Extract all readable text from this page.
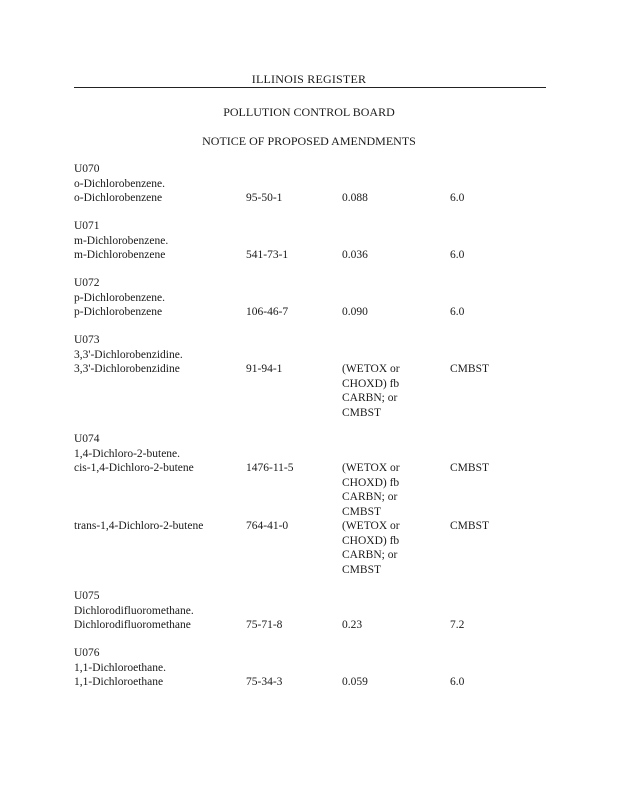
ILLINOIS REGISTER
POLLUTION CONTROL BOARD
NOTICE OF PROPOSED AMENDMENTS
U070
o-Dichlorobenzene.
o-Dichlorobenzene	95-50-1	0.088	6.0
U071
m-Dichlorobenzene.
m-Dichlorobenzene	541-73-1	0.036	6.0
U072
p-Dichlorobenzene.
p-Dichlorobenzene	106-46-7	0.090	6.0
U073
3,3'-Dichlorobenzidine.
3,3'-Dichlorobenzidine	91-94-1	(WETOX or	CMBST
CHOXD) fb
CARBN; or
CMBST
U074
1,4-Dichloro-2-butene.
cis-1,4-Dichloro-2-butene	1476-11-5	(WETOX or	CMBST
CHOXD) fb
CARBN; or
CMBST
trans-1,4-Dichloro-2-butene	764-41-0	(WETOX or	CMBST
CHOXD) fb
CARBN; or
CMBST
U075
Dichlorodifluoromethane.
Dichlorodifluoromethane	75-71-8	0.23	7.2
U076
1,1-Dichloroethane.
1,1-Dichloroethane	75-34-3	0.059	6.0
